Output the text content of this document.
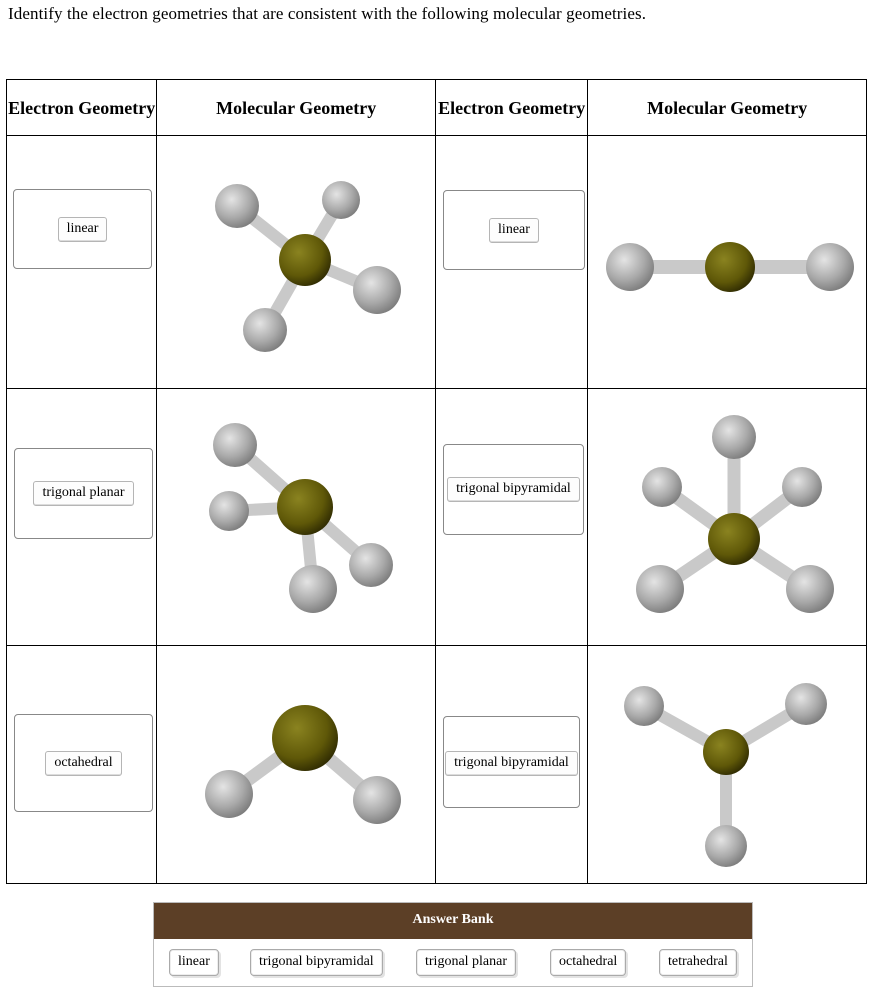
Identify the electron geometries that are consistent with the following molecular geometries.
Electron Geometry	Molecular Geometry	Electron Geometry	Molecular Geometry

linear		linear

trigonal planar		trigonal bipyramidal

octahedral		trigonal bipyramidal

Answer Bank
linear	trigonal bipyramidal	trigonal planar	octahedral	tetrahedral
